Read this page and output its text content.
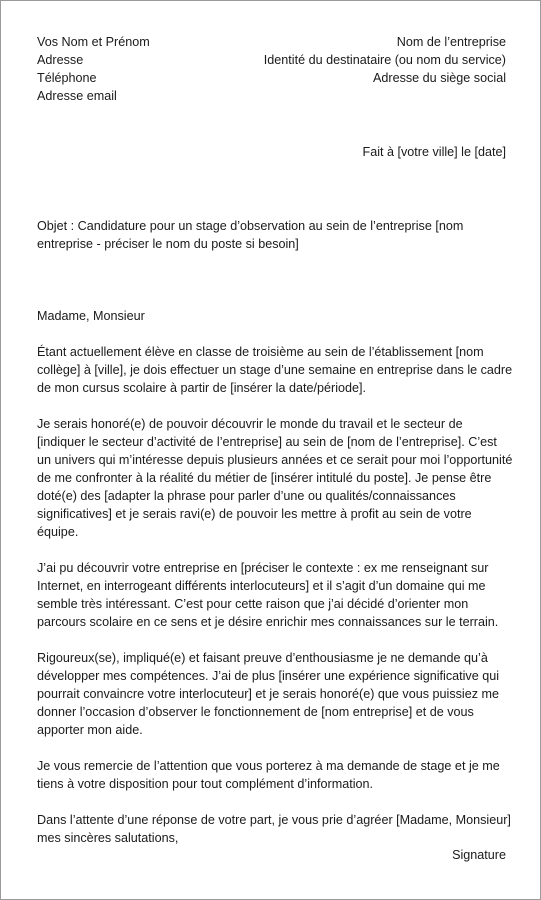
Vos Nom et Prénom
Adresse
Téléphone
Adresse email
Nom de l’entreprise
Identité du destinataire (ou nom du service)
Adresse du siège social
Fait à [votre ville] le [date]
Objet : Candidature pour un stage d’observation au sein de l’entreprise [nom entreprise - préciser le nom du poste si besoin]

Madame, Monsieur

Étant actuellement élève en classe de troisième au sein de l’établissement [nom collège] à [ville], je dois effectuer un stage d’une semaine en entreprise dans le cadre de mon cursus scolaire à partir de [insérer la date/période].

Je serais honoré(e) de pouvoir découvrir le monde du travail et le secteur de [indiquer le secteur d’activité de l’entreprise] au sein de [nom de l’entreprise]. C’est un univers qui m’intéresse depuis plusieurs années et ce serait pour moi l’opportunité de me confronter à la réalité du métier de [insérer intitulé du poste]. Je pense être doté(e) des [adapter la phrase pour parler d’une ou qualités/connaissances significatives] et je serais ravi(e) de pouvoir les mettre à profit au sein de votre équipe.

J’ai pu découvrir votre entreprise en [préciser le contexte : ex me renseignant sur Internet, en interrogeant différents interlocuteurs] et il s’agit d’un domaine qui me semble très intéressant. C’est pour cette raison que j’ai décidé d’orienter mon parcours scolaire en ce sens et je désire enrichir mes connaissances sur le terrain.

Rigoureux(se), impliqué(e) et faisant preuve d’enthousiasme je ne demande qu’à développer mes compétences. J’ai de plus [insérer une expérience significative qui pourrait convaincre votre interlocuteur] et je serais honoré(e) que vous puissiez me donner l’occasion d’observer le fonctionnement de [nom entreprise] et de vous apporter mon aide.

Je vous remercie de l’attention que vous porterez à ma demande de stage et je me tiens à votre disposition pour tout complément d’information.

Dans l’attente d’une réponse de votre part, je vous prie d’agréer [Madame, Monsieur] mes sincères salutations,

Signature
